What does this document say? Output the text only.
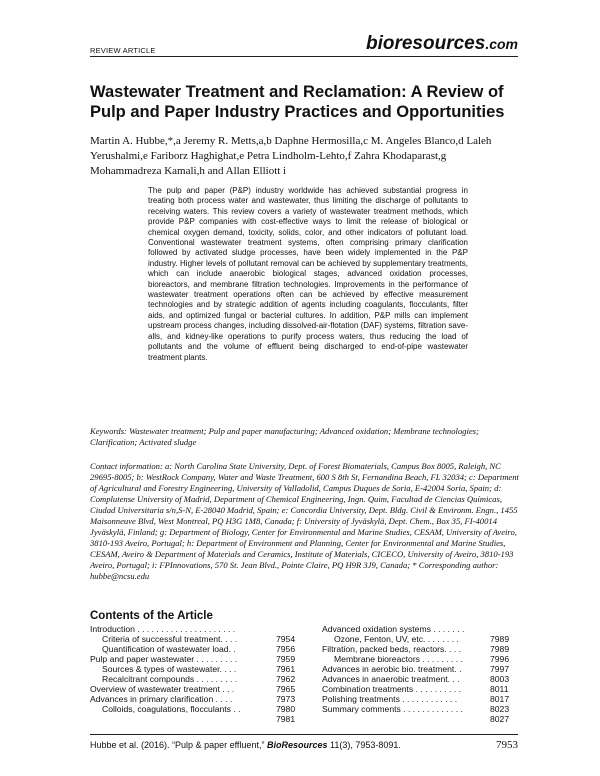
REVIEW ARTICLE	bioresources.com
Wastewater Treatment and Reclamation: A Review of Pulp and Paper Industry Practices and Opportunities
Martin A. Hubbe,*,a Jeremy R. Metts,a,b Daphne Hermosilla,c M. Angeles Blanco,d Laleh Yerushalmi,e Fariborz Haghighat,e Petra Lindholm-Lehto,f Zahra Khodaparast,g Mohammadreza Kamali,h and Allan Elliott i
The pulp and paper (P&P) industry worldwide has achieved substantial progress in treating both process water and wastewater, thus limiting the discharge of pollutants to receiving waters. This review covers a variety of wastewater treatment methods, which provide P&P companies with cost-effective ways to limit the release of biological or chemical oxygen demand, toxicity, solids, color, and other indicators of pollutant load. Conventional wastewater treatment systems, often comprising primary clarification followed by activated sludge processes, have been widely implemented in the P&P industry. Higher levels of pollutant removal can be achieved by supplementary treatments, which can include anaerobic biological stages, advanced oxidation processes, bioreactors, and membrane filtration technologies. Improvements in the performance of wastewater treatment operations often can be achieved by effective measurement technologies and by strategic addition of agents including coagulants, flocculants, filter aids, and optimized fungal or bacterial cultures. In addition, P&P mills can implement upstream process changes, including dissolved-air-flotation (DAF) systems, filtration save-alls, and kidney-like operations to purify process waters, thus reducing the load of pollutants and the volume of effluent being discharged to end-of-pipe wastewater treatment plants.
Keywords: Wastewater treatment; Pulp and paper manufacturing; Advanced oxidation; Membrane technologies; Clarification; Activated sludge
Contact information: a: North Carolina State University, Dept. of Forest Biomaterials, Campus Box 8005, Raleigh, NC 29695-8005; b: WestRock Company, Water and Waste Treatment, 600 S 8th St, Fernandina Beach, FL 32034; c: Department of Agricultural and Forestry Engineering, University of Valladolid, Campus Duques de Soria, E-42004 Soria, Spain; d: Complutense University of Madrid, Department of Chemical Engineering, Ingn. Quim, Facultad de Ciencias Químicas, Ciudad Universitaria s/n,S-N, E-28040 Madrid, Spain; e: Concordia University, Dept. Bldg. Civil & Environm. Engn., 1455 Maisonneuve Blvd, West Montreal, PQ H3G 1M8, Canada; f: University of Jyväskylä, Dept. Chem., Box 35, FI-40014 Jyväskylä, Finland; g: Department of Biology, Center for Environmental and Marine Studies, CESAM, University of Aveiro, 3810-193 Aveiro, Portugal; h: Department of Environment and Planning, Center for Environmental and Marine Studies, CESAM, Aveiro & Department of Materials and Ceramics, Institute of Materials, CICECO, University of Aveiro, 3810-193 Aveiro, Portugal; i: FPInnovations, 570 St. Jean Blvd., Pointe Claire, PQ H9R 3J9, Canada; * Corresponding author: hubbe@ncsu.edu
Contents of the Article
Introduction . . . . . . . . . . . . . . . . . . . . .
Criteria of successful treatment. . . .	7954
Quantification of wastewater load. .	7956
Pulp and paper wastewater . . . . . . . . .	7959
Sources & types of wastewater. . . .	7961
Recalcitrant compounds . . . . . . . . .	7962
Overview of wastewater treatment . . .	7965
Advances in primary clarification . . . .	7973
Colloids, coagulations, flocculants . .	7980
7981
Advanced oxidation systems . . . . . . .
Ozone, Fenton, UV, etc. . . . . . . .	7989
Filtration, packed beds, reactors. . . .	7989
Membrane bioreactors . . . . . . . . .	7996
Advances in aerobic bio. treatment. .	7997
Advances in anaerobic treatment. . .	8003
Combination treatments . . . . . . . . . .	8011
Polishing treatments . . . . . . . . . . . .	8017
Summary comments . . . . . . . . . . . . .	8023
8027
Hubbe et al. (2016). “Pulp & paper effluent,” BioResources 11(3), 7953-8091.	7953
